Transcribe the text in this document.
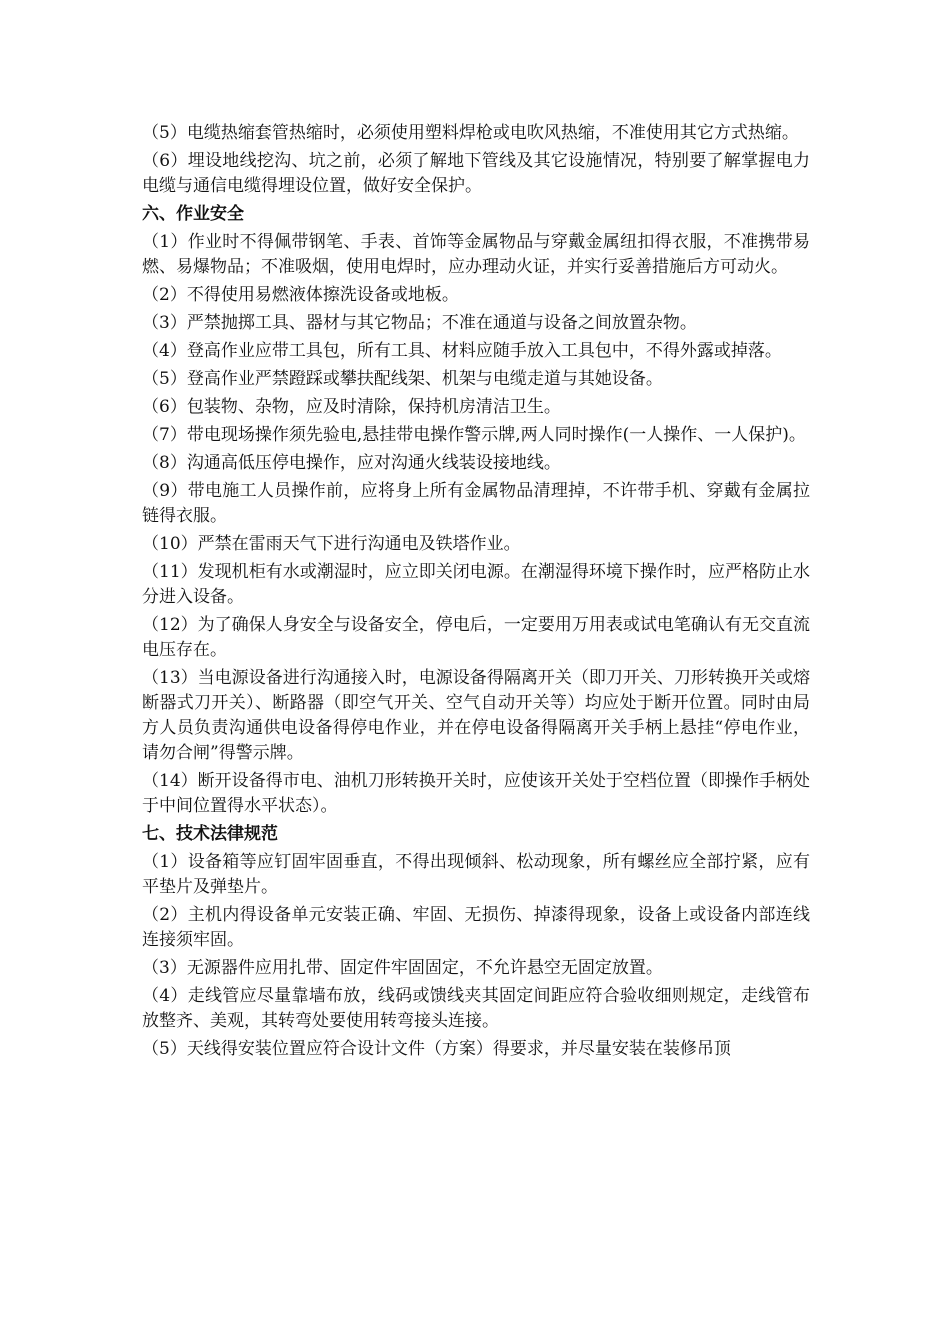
（5）电缆热缩套管热缩时，必须使用塑料焊枪或电吹风热缩，不准使用其它方式热缩。

（6）埋设地线挖沟、坑之前，必须了解地下管线及其它设施情况，特别要了解掌握电力电缆与通信电缆得埋设位置，做好安全保护。

六、作业安全

（1）作业时不得佩带钢笔、手表、首饰等金属物品与穿戴金属纽扣得衣服，不准携带易燃、易爆物品；不准吸烟，使用电焊时，应办理动火证，并实行妥善措施后方可动火。

（2）不得使用易燃液体擦洗设备或地板。

（3）严禁抛掷工具、器材与其它物品；不准在通道与设备之间放置杂物。

（4）登高作业应带工具包，所有工具、材料应随手放入工具包中，不得外露或掉落。

（5）登高作业严禁蹬踩或攀扶配线架、机架与电缆走道与其她设备。

（6）包装物、杂物，应及时清除，保持机房清洁卫生。

（7）带电现场操作须先验电,悬挂带电操作警示牌,两人同时操作(一人操作、一人保护)。

（8）沟通高低压停电操作，应对沟通火线装设接地线。

（9）带电施工人员操作前，应将身上所有金属物品清理掉，不许带手机、穿戴有金属拉链得衣服。

（10）严禁在雷雨天气下进行沟通电及铁塔作业。

（11）发现机柜有水或潮湿时，应立即关闭电源。在潮湿得环境下操作时，应严格防止水分进入设备。

（12）为了确保人身安全与设备安全，停电后，一定要用万用表或试电笔确认有无交直流电压存在。

（13）当电源设备进行沟通接入时，电源设备得隔离开关（即刀开关、刀形转换开关或熔断器式刀开关）、断路器（即空气开关、空气自动开关等）均应处于断开位置。同时由局方人员负责沟通供电设备得停电作业，并在停电设备得隔离开关手柄上悬挂“停电作业，请勿合闸”得警示牌。

（14）断开设备得市电、油机刀形转换开关时，应使该开关处于空档位置（即操作手柄处于中间位置得水平状态）。

七、技术法律规范

（1）设备箱等应钉固牢固垂直，不得出现倾斜、松动现象，所有螺丝应全部拧紧，应有平垫片及弹垫片。

（2）主机内得设备单元安装正确、牢固、无损伤、掉漆得现象，设备上或设备内部连线连接须牢固。

（3）无源器件应用扎带、固定件牢固固定，不允许悬空无固定放置。

（4）走线管应尽量靠墙布放，线码或馈线夹其固定间距应符合验收细则规定，走线管布放整齐、美观，其转弯处要使用转弯接头连接。

（5）天线得安装位置应符合设计文件（方案）得要求，并尽量安装在装修吊顶
